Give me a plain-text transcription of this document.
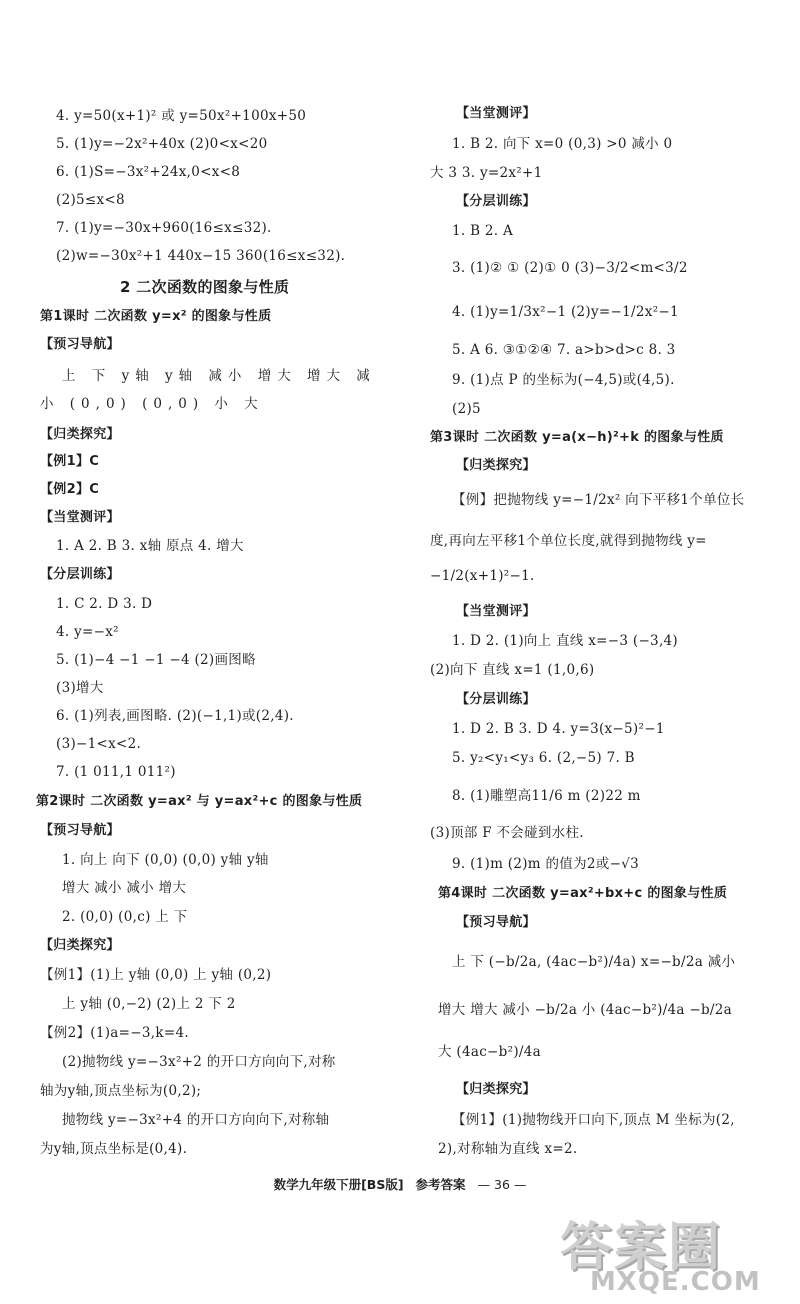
4. y=50(x+1)² 或 y=50x²+100x+50
5. (1)y=−2x²+40x (2)0<x<20
6. (1)S=−3x²+24x,0<x<8
(2)5≤x<8
7. (1)y=−30x+960(16≤x≤32).
(2)w=−30x²+1 440x−15 360(16≤x≤32).
2 二次函数的图象与性质
第1课时 二次函数 y=x² 的图象与性质
【预习导航】
上 下 y轴 y轴 减小 增大 增大 减
小 (0,0) (0,0) 小 大
【归类探究】
【例1】C
【例2】C
【当堂测评】
1. A 2. B 3. x轴 原点 4. 增大
【分层训练】
1. C 2. D 3. D
4. y=−x²
5. (1)−4 −1 −1 −4 (2)画图略
(3)增大
6. (1)列表,画图略. (2)(−1,1)或(2,4).
(3)−1<x<2.
7. (1 011,1 011²)
第2课时 二次函数 y=ax² 与 y=ax²+c 的图象与性质
【预习导航】
1. 向上 向下 (0,0) (0,0) y轴 y轴
增大 减小 减小 增大
2. (0,0) (0,c) 上 下
【归类探究】
【例1】(1)上 y轴 (0,0) 上 y轴 (0,2)
上 y轴 (0,−2) (2)上 2 下 2
【例2】(1)a=−3,k=4.
(2)抛物线 y=−3x²+2 的开口方向向下,对称
轴为y轴,顶点坐标为(0,2);
抛物线 y=−3x²+4 的开口方向向下,对称轴
为y轴,顶点坐标是(0,4).
【当堂测评】
1. B 2. 向下 x=0 (0,3) >0 减小 0
大 3 3. y=2x²+1
【分层训练】
1. B 2. A
3. (1)② ① (2)① 0 (3)−3/2<m<3/2
4. (1)y=1/3x²−1 (2)y=−1/2x²−1
5. A 6. ③①②④ 7. a>b>d>c 8. 3
9. (1)点 P 的坐标为(−4,5)或(4,5).
(2)5
第3课时 二次函数 y=a(x−h)²+k 的图象与性质
【归类探究】
【例】把抛物线 y=−1/2x² 向下平移1个单位长
度,再向左平移1个单位长度,就得到抛物线 y=
−1/2(x+1)²−1.
【当堂测评】
1. D 2. (1)向上 直线 x=−3 (−3,4)
(2)向下 直线 x=1 (1,0,6)
【分层训练】
1. D 2. B 3. D 4. y=3(x−5)²−1
5. y₂<y₁<y₃ 6. (2,−5) 7. B
8. (1)雕塑高11/6 m (2)22 m
(3)顶部 F 不会碰到水柱.
9. (1)m (2)m 的值为2或−√3
第4课时 二次函数 y=ax²+bx+c 的图象与性质
【预习导航】
上 下 (−b/2a, (4ac−b²)/4a) x=−b/2a 减小
增大 增大 减小 −b/2a 小 (4ac−b²)/4a −b/2a
大 (4ac−b²)/4a
【归类探究】
【例1】(1)抛物线开口向下,顶点 M 坐标为(2,
2),对称轴为直线 x=2.
数学九年级下册[BS版] 参考答案 — 36 —
答案圈
MXQE.COM
